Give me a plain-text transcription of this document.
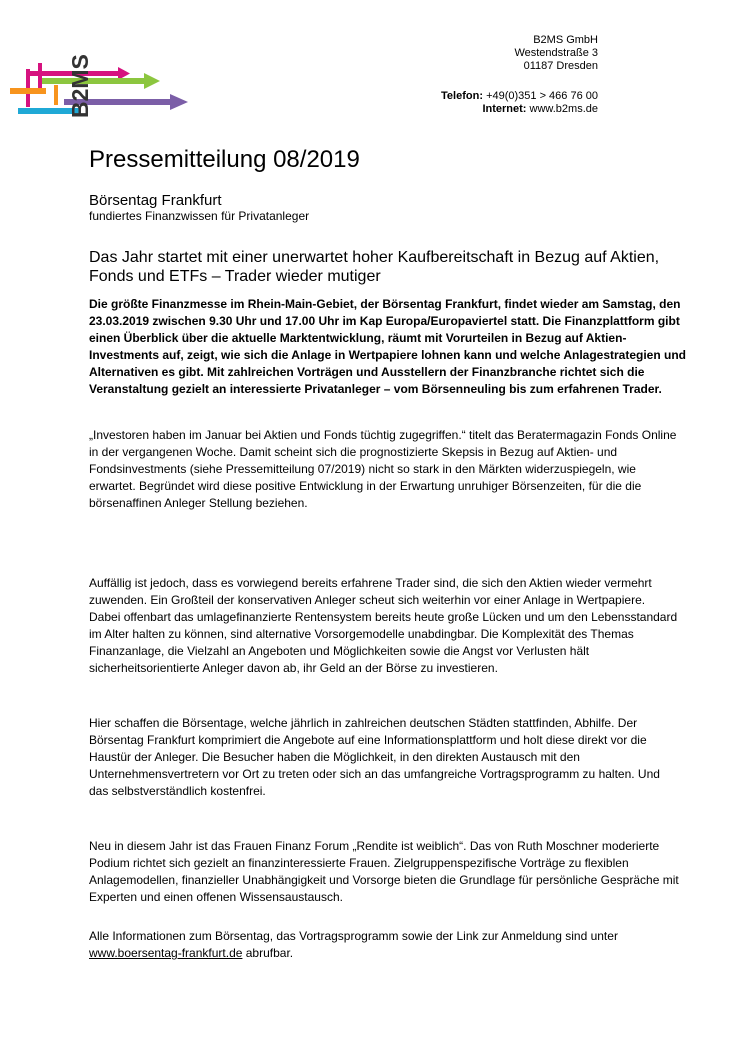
B2MS
B2MS GmbH
Westendstraße 3
01187 Dresden
Telefon: +49(0)351 > 466 76 00
Internet: www.b2ms.de
Pressemitteilung 08/2019
Börsentag Frankfurt
fundiertes Finanzwissen für Privatanleger
Das Jahr startet mit einer unerwartet hoher Kaufbereitschaft in Bezug auf Aktien, Fonds und ETFs – Trader wieder mutiger
Die größte Finanzmesse im Rhein-Main-Gebiet, der Börsentag Frankfurt, findet wieder am Samstag, den 23.03.2019 zwischen 9.30 Uhr und 17.00 Uhr im Kap Europa/Europaviertel statt. Die Finanzplattform gibt einen Überblick über die aktuelle Marktentwicklung, räumt mit Vorurteilen in Bezug auf Aktien-Investments auf, zeigt, wie sich die Anlage in Wertpapiere lohnen kann und welche Anlagestrategien und Alternativen es gibt. Mit zahlreichen Vorträgen und Ausstellern der Finanzbranche richtet sich die Veranstaltung gezielt an interessierte Privatanleger – vom Börsenneuling bis zum erfahrenen Trader.
„Investoren haben im Januar bei Aktien und Fonds tüchtig zugegriffen.“ titelt das Beratermagazin Fonds Online in der vergangenen Woche. Damit scheint sich die prognostizierte Skepsis in Bezug auf Aktien- und Fondsinvestments (siehe Pressemitteilung 07/2019) nicht so stark in den Märkten widerzuspiegeln, wie erwartet. Begründet wird diese positive Entwicklung in der Erwartung unruhiger Börsenzeiten, für die die börsenaffinen Anleger Stellung beziehen.
Auffällig ist jedoch, dass es vorwiegend bereits erfahrene Trader sind, die sich den Aktien wieder vermehrt zuwenden. Ein Großteil der konservativen Anleger scheut sich weiterhin vor einer Anlage in Wertpapiere. Dabei offenbart das umlagefinanzierte Rentensystem bereits heute große Lücken und um den Lebensstandard im Alter halten zu können, sind alternative Vorsorgemodelle unabdingbar. Die Komplexität des Themas Finanzanlage, die Vielzahl an Angeboten und Möglichkeiten sowie die Angst vor Verlusten hält sicherheitsorientierte Anleger davon ab, ihr Geld an der Börse zu investieren.
Hier schaffen die Börsentage, welche jährlich in zahlreichen deutschen Städten stattfinden, Abhilfe. Der Börsentag Frankfurt komprimiert die Angebote auf eine Informationsplattform und holt diese direkt vor die Haustür der Anleger. Die Besucher haben die Möglichkeit, in den direkten Austausch mit den Unternehmensvertretern vor Ort zu treten oder sich an das umfangreiche Vortragsprogramm zu halten. Und das selbstverständlich kostenfrei.
Neu in diesem Jahr ist das Frauen Finanz Forum „Rendite ist weiblich“. Das von Ruth Moschner moderierte Podium richtet sich gezielt an finanzinteressierte Frauen. Zielgruppenspezifische Vorträge zu flexiblen Anlagemodellen, finanzieller Unabhängigkeit und Vorsorge bieten die Grundlage für persönliche Gespräche mit Experten und einen offenen Wissensaustausch.
Alle Informationen zum Börsentag, das Vortragsprogramm sowie der Link zur Anmeldung sind unter www.boersentag-frankfurt.de abrufbar.
